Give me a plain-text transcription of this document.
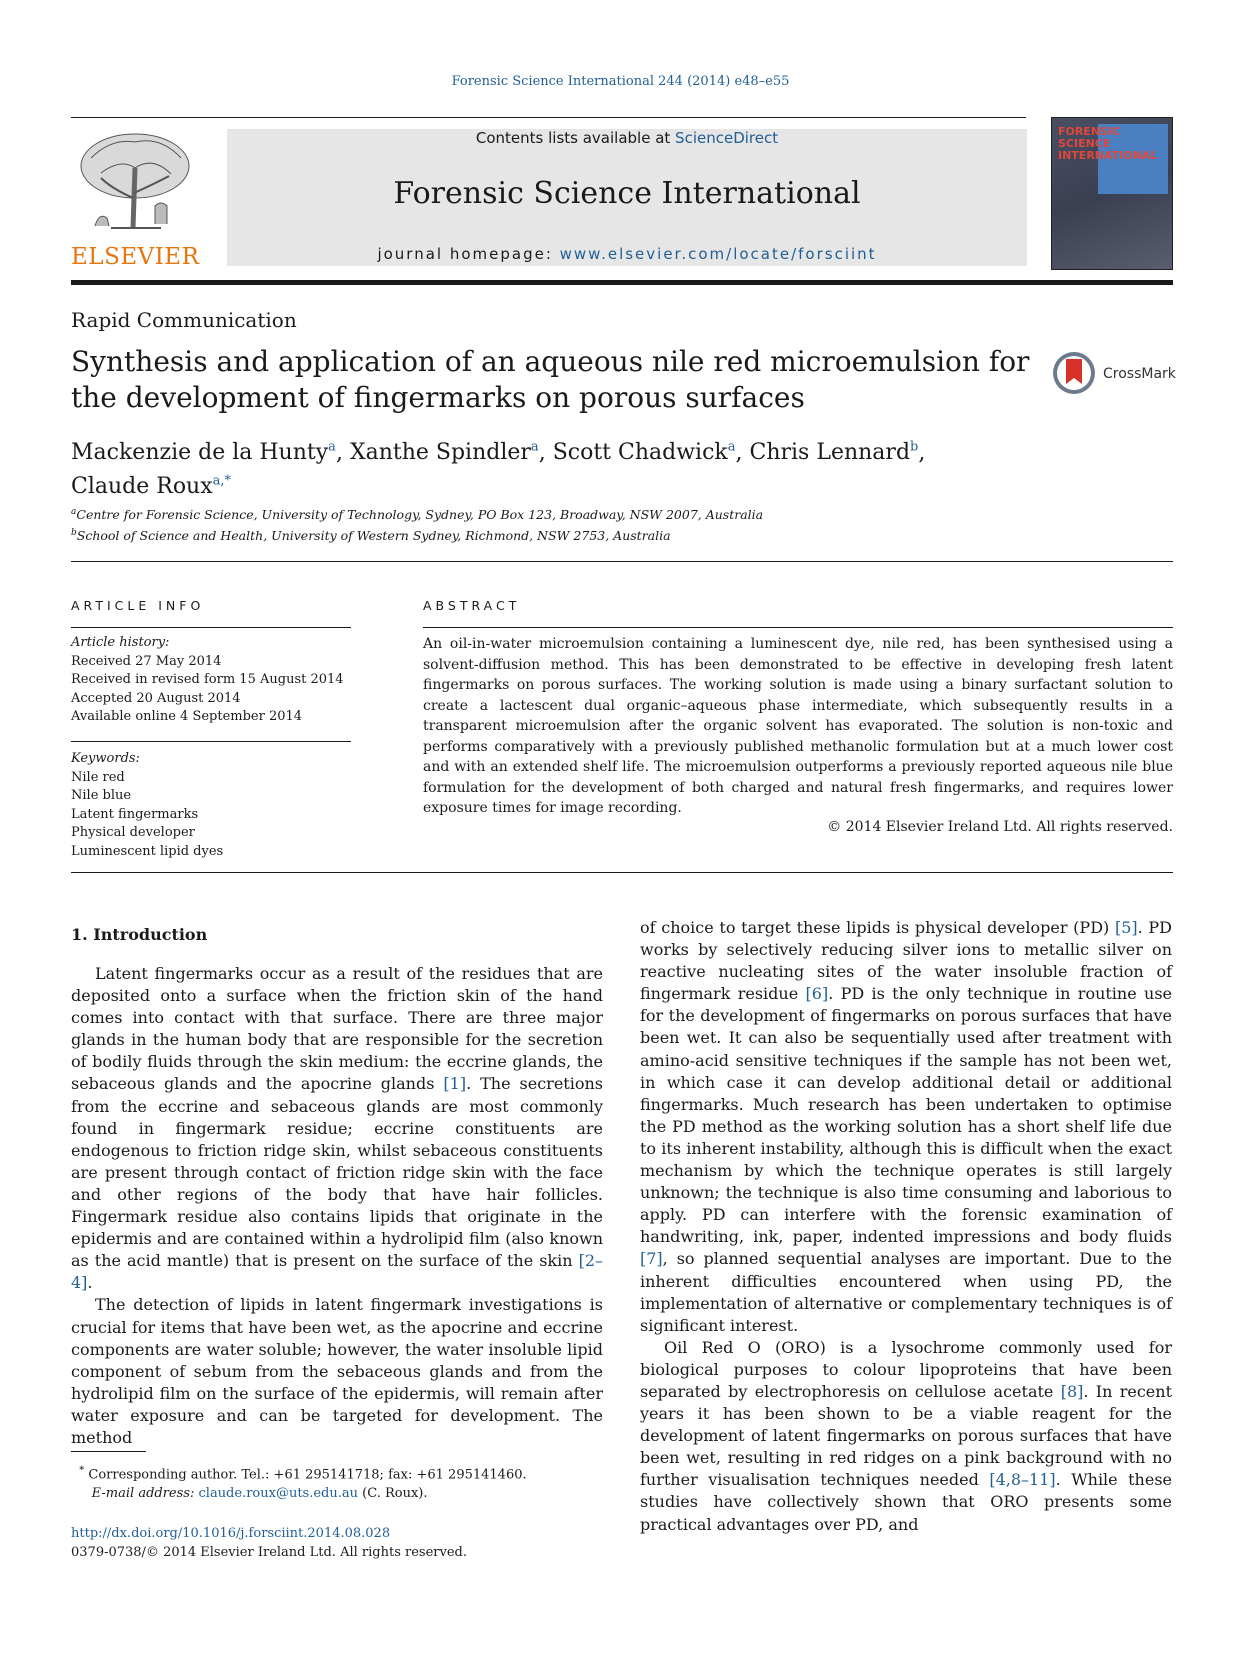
Forensic Science International 244 (2014) e48–e55
ELSEVIER
Contents lists available at ScienceDirect
Forensic Science International
journal homepage: www.elsevier.com/locate/forsciint
FORENSIC SCIENCE INTERNATIONAL
Rapid Communication
Synthesis and application of an aqueous nile red microemulsion for the development of fingermarks on porous surfaces
CrossMark
Mackenzie de la Hunty$^a$, Xanthe Spindler$^a$, Scott Chadwick$^a$, Chris Lennard$^b$,
Claude Roux$^{a,*}$
$^a$Centre for Forensic Science, University of Technology, Sydney, PO Box 123, Broadway, NSW 2007, Australia
$^b$School of Science and Health, University of Western Sydney, Richmond, NSW 2753, Australia
ARTICLE INFO	ABSTRACT
Article history:
Received 27 May 2014
Received in revised form 15 August 2014
Accepted 20 August 2014
Available online 4 September 2014
Keywords:
Nile red
Nile blue
Latent fingermarks
Physical developer
Luminescent lipid dyes
An oil-in-water microemulsion containing a luminescent dye, nile red, has been synthesised using a solvent-diffusion method. This has been demonstrated to be effective in developing fresh latent fingermarks on porous surfaces. The working solution is made using a binary surfactant solution to create a lactescent dual organic–aqueous phase intermediate, which subsequently results in a transparent microemulsion after the organic solvent has evaporated. The solution is non-toxic and performs comparatively with a previously published methanolic formulation but at a much lower cost and with an extended shelf life. The microemulsion outperforms a previously reported aqueous nile blue formulation for the development of both charged and natural fresh fingermarks, and requires lower exposure times for image recording.
© 2014 Elsevier Ireland Ltd. All rights reserved.
1. Introduction

Latent fingermarks occur as a result of the residues that are deposited onto a surface when the friction skin of the hand comes into contact with that surface. There are three major glands in the human body that are responsible for the secretion of bodily fluids through the skin medium: the eccrine glands, the sebaceous glands and the apocrine glands [1]. The secretions from the eccrine and sebaceous glands are most commonly found in fingermark residue; eccrine constituents are endogenous to friction ridge skin, whilst sebaceous constituents are present through contact of friction ridge skin with the face and other regions of the body that have hair follicles. Fingermark residue also contains lipids that originate in the epidermis and are contained within a hydrolipid film (also known as the acid mantle) that is present on the surface of the skin [2–4].

The detection of lipids in latent fingermark investigations is crucial for items that have been wet, as the apocrine and eccrine components are water soluble; however, the water insoluble lipid component of sebum from the sebaceous glands and from the hydrolipid film on the surface of the epidermis, will remain after water exposure and can be targeted for development. The method

of choice to target these lipids is physical developer (PD) [5]. PD works by selectively reducing silver ions to metallic silver on reactive nucleating sites of the water insoluble fraction of fingermark residue [6]. PD is the only technique in routine use for the development of fingermarks on porous surfaces that have been wet. It can also be sequentially used after treatment with amino-acid sensitive techniques if the sample has not been wet, in which case it can develop additional detail or additional fingermarks. Much research has been undertaken to optimise the PD method as the working solution has a short shelf life due to its inherent instability, although this is difficult when the exact mechanism by which the technique operates is still largely unknown; the technique is also time consuming and laborious to apply. PD can interfere with the forensic examination of handwriting, ink, paper, indented impressions and body fluids [7], so planned sequential analyses are important. Due to the inherent difficulties encountered when using PD, the implementation of alternative or complementary techniques is of significant interest.

Oil Red O (ORO) is a lysochrome commonly used for biological purposes to colour lipoproteins that have been separated by electrophoresis on cellulose acetate [8]. In recent years it has been shown to be a viable reagent for the development of latent fingermarks on porous surfaces that have been wet, resulting in red ridges on a pink background with no further visualisation techniques needed [4,8–11]. While these studies have collectively shown that ORO presents some practical advantages over PD, and

* Corresponding author. Tel.: +61 295141718; fax: +61 295141460.
E-mail address: claude.roux@uts.edu.au (C. Roux).
http://dx.doi.org/10.1016/j.forsciint.2014.08.028
0379-0738/© 2014 Elsevier Ireland Ltd. All rights reserved.
